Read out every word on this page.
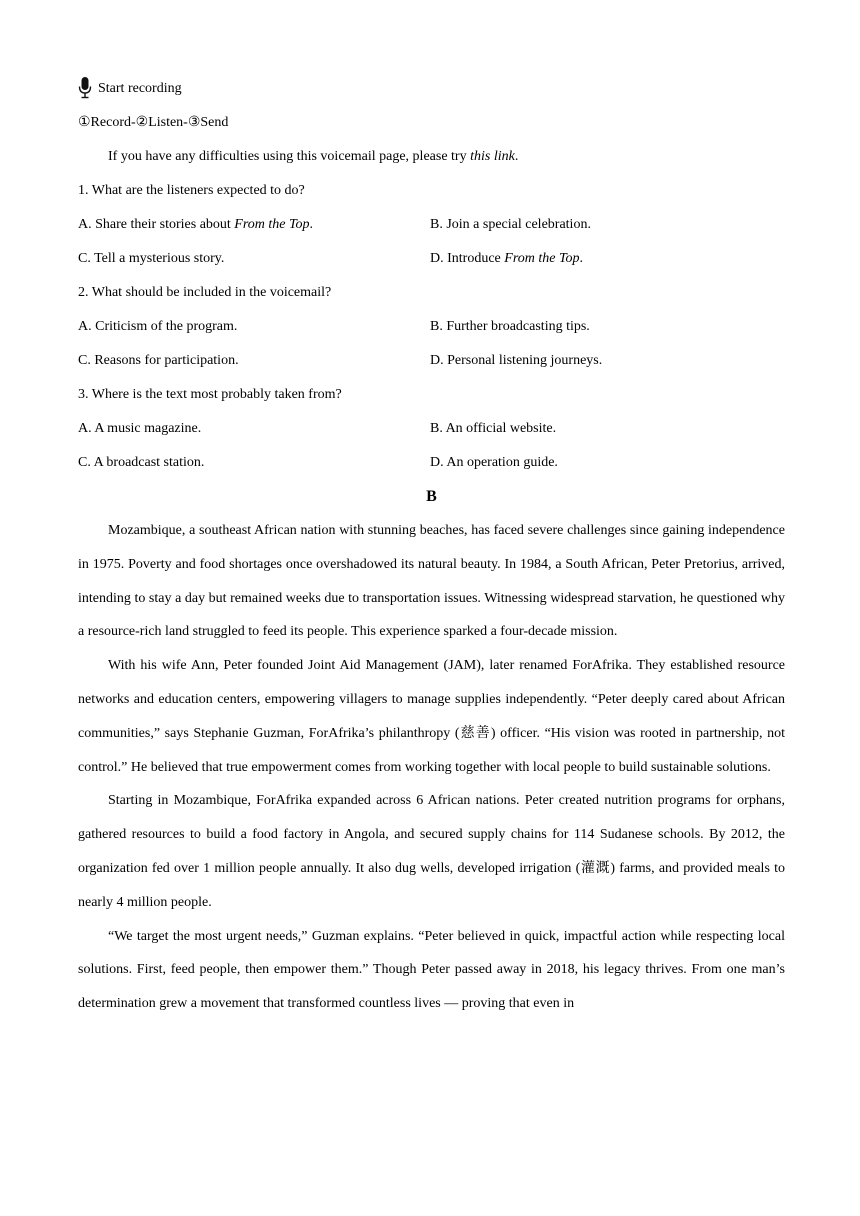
Start recording
①Record-②Listen-③Send
If you have any difficulties using this voicemail page, please try this link.
1. What are the listeners expected to do?
A. Share their stories about From the Top.	B. Join a special celebration.
C. Tell a mysterious story.	D. Introduce From the Top.
2. What should be included in the voicemail?
A. Criticism of the program.	B. Further broadcasting tips.
C. Reasons for participation.	D. Personal listening journeys.
3. Where is the text most probably taken from?
A. A music magazine.	B. An official website.
C. A broadcast station.	D. An operation guide.
B

Mozambique, a southeast African nation with stunning beaches, has faced severe challenges since gaining independence in 1975. Poverty and food shortages once overshadowed its natural beauty. In 1984, a South African, Peter Pretorius, arrived, intending to stay a day but remained weeks due to transportation issues. Witnessing widespread starvation, he questioned why a resource-rich land struggled to feed its people. This experience sparked a four-decade mission.

With his wife Ann, Peter founded Joint Aid Management (JAM), later renamed ForAfrika. They established resource networks and education centers, empowering villagers to manage supplies independently. “Peter deeply cared about African communities,” says Stephanie Guzman, ForAfrika’s philanthropy (慈善) officer. “His vision was rooted in partnership, not control.” He believed that true empowerment comes from working together with local people to build sustainable solutions.

Starting in Mozambique, ForAfrika expanded across 6 African nations. Peter created nutrition programs for orphans, gathered resources to build a food factory in Angola, and secured supply chains for 114 Sudanese schools. By 2012, the organization fed over 1 million people annually. It also dug wells, developed irrigation (灌溉) farms, and provided meals to nearly 4 million people.

“We target the most urgent needs,” Guzman explains. “Peter believed in quick, impactful action while respecting local solutions. First, feed people, then empower them.” Though Peter passed away in 2018, his legacy thrives. From one man’s determination grew a movement that transformed countless lives — proving that even in
